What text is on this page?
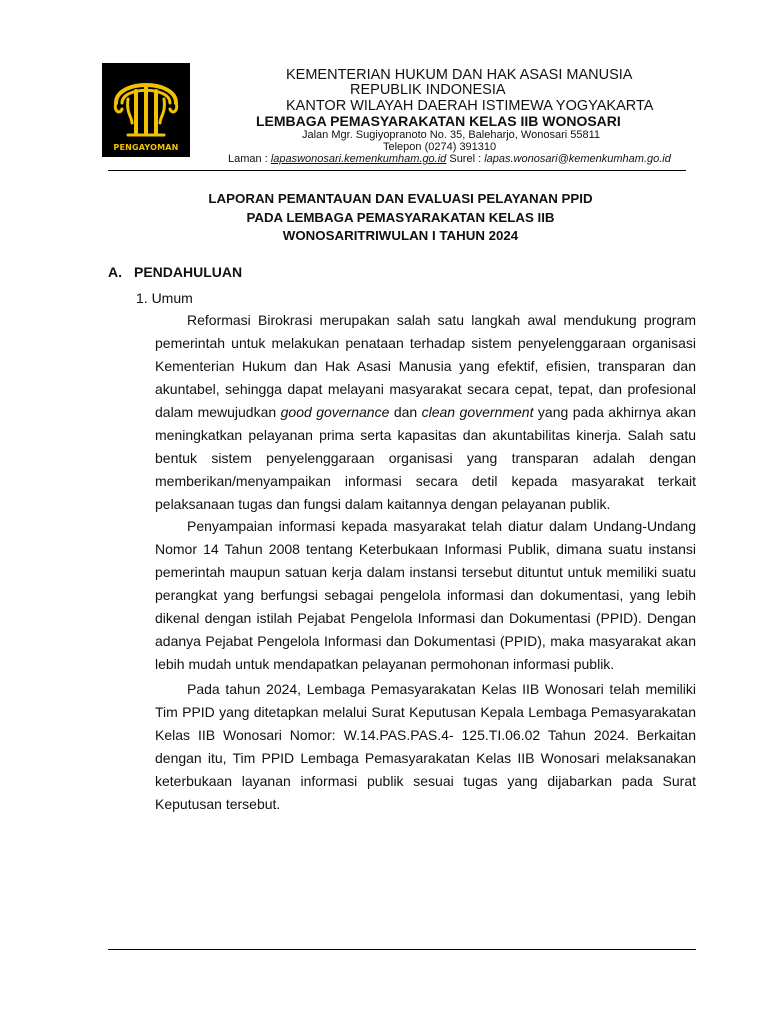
PENGAYOMAN
KEMENTERIAN HUKUM DAN HAK ASASI MANUSIA
REPUBLIK INDONESIA
KANTOR WILAYAH DAERAH ISTIMEWA YOGYAKARTA
LEMBAGA PEMASYARAKATAN KELAS IIB WONOSARI
Jalan Mgr. Sugiyopranoto No. 35, Baleharjo, Wonosari 55811
Telepon (0274) 391310
Laman : lapaswonosari.kemenkumham.go.id Surel : lapas.wonosari@kemenkumham.go.id
LAPORAN PEMANTAUAN DAN EVALUASI PELAYANAN PPID
PADA LEMBAGA PEMASYARAKATAN KELAS IIB
WONOSARITRIWULAN I TAHUN 2024
A. PENDAHULUAN
1. Umum

Reformasi Birokrasi merupakan salah satu langkah awal mendukung program pemerintah untuk melakukan penataan terhadap sistem penyelenggaraan organisasi Kementerian Hukum dan Hak Asasi Manusia yang efektif, efisien, transparan dan akuntabel, sehingga dapat melayani masyarakat secara cepat, tepat, dan profesional dalam mewujudkan good governance dan clean government yang pada akhirnya akan meningkatkan pelayanan prima serta kapasitas dan akuntabilitas kinerja. Salah satu bentuk sistem penyelenggaraan organisasi yang transparan adalah dengan memberikan/menyampaikan informasi secara detil kepada masyarakat terkait pelaksanaan tugas dan fungsi dalam kaitannya dengan pelayanan publik.

Penyampaian informasi kepada masyarakat telah diatur dalam Undang-Undang Nomor 14 Tahun 2008 tentang Keterbukaan Informasi Publik, dimana suatu instansi pemerintah maupun satuan kerja dalam instansi tersebut dituntut untuk memiliki suatu perangkat yang berfungsi sebagai pengelola informasi dan dokumentasi, yang lebih dikenal dengan istilah Pejabat Pengelola Informasi dan Dokumentasi (PPID). Dengan adanya Pejabat Pengelola Informasi dan Dokumentasi (PPID), maka masyarakat akan lebih mudah untuk mendapatkan pelayanan permohonan informasi publik.

Pada tahun 2024, Lembaga Pemasyarakatan Kelas IIB Wonosari telah memiliki Tim PPID yang ditetapkan melalui Surat Keputusan Kepala Lembaga Pemasyarakatan Kelas IIB Wonosari Nomor: W.14.PAS.PAS.4- 125.TI.06.02 Tahun 2024. Berkaitan dengan itu, Tim PPID Lembaga Pemasyarakatan Kelas IIB Wonosari melaksanakan keterbukaan layanan informasi publik sesuai tugas yang dijabarkan pada Surat Keputusan tersebut.
